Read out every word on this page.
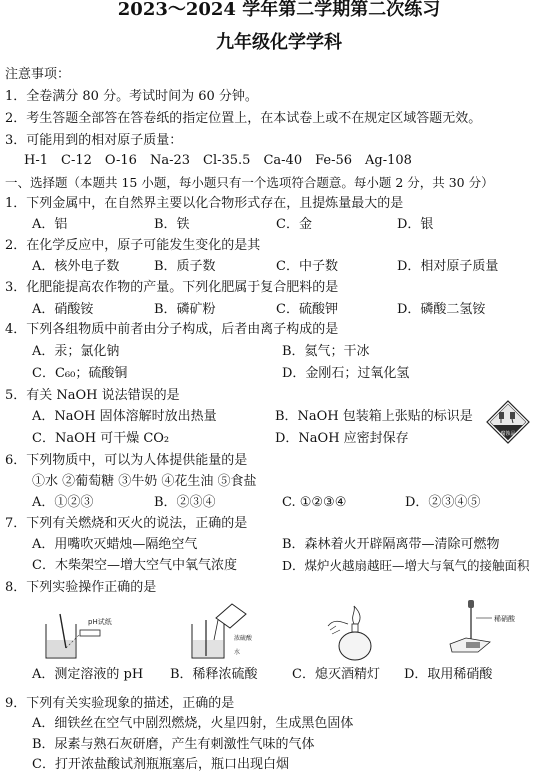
2023～2024 学年第二学期第二次练习
九年级化学学科
注意事项：
1．全卷满分 80 分。考试时间为 60 分钟。
2．考生答题全部答在答卷纸的指定位置上，在本试卷上或不在规定区域答题无效。
3．可能用到的相对原子质量：
H-1　C-12　O-16　Na-23　Cl-35.5　Ca-40　Fe-56　Ag-108
一、选择题（本题共 15 小题，每小题只有一个选项符合题意。每小题 2 分，共 30 分）
1．下列金属中，在自然界主要以化合物形式存在，且提炼量最大的是
A．铝	B．铁	C．金	D．银
2．在化学反应中，原子可能发生变化的是其
A．核外电子数	B．质子数	C．中子数	D．相对原子质量
3．化肥能提高农作物的产量。下列化肥属于复合肥料的是
A．硝酸铵	B．磷矿粉	C．硫酸钾	D．磷酸二氢铵
4．下列各组物质中前者由分子构成，后者由离子构成的是
A．汞；氯化钠	B．氦气；干冰
C．C₆₀；硫酸铜	D．金刚石；过氧化氢
5．有关 NaOH 说法错误的是
A．NaOH 固体溶解时放出热量	B．NaOH 包装箱上张贴的标识是
C．NaOH 可干燥 CO₂	D．NaOH 应密封保存	腐蚀品
6．下列物质中，可以为人体提供能量的是
①水 ②葡萄糖 ③牛奶 ④花生油 ⑤食盐
A．①②③	B．②③④	C. ①②③④	D．②③④⑤
7．下列有关燃烧和灭火的说法，正确的是
A．用嘴吹灭蜡烛—隔绝空气	B．森林着火开辟隔离带—清除可燃物
C．木柴架空—增大空气中氧气浓度	D．煤炉火越扇越旺—增大与氧气的接触面积
8．下列实验操作正确的是
pH试纸
浓硫酸
水
稀硝酸
A．测定溶液的 pH B．稀释浓硫酸	C．熄灭酒精灯 D．取用稀硝酸
9．下列有关实验现象的描述，正确的是
A．细铁丝在空气中剧烈燃烧，火星四射，生成黑色固体
B．尿素与熟石灰研磨，产生有刺激性气味的气体
C．打开浓盐酸试剂瓶瓶塞后，瓶口出现白烟
